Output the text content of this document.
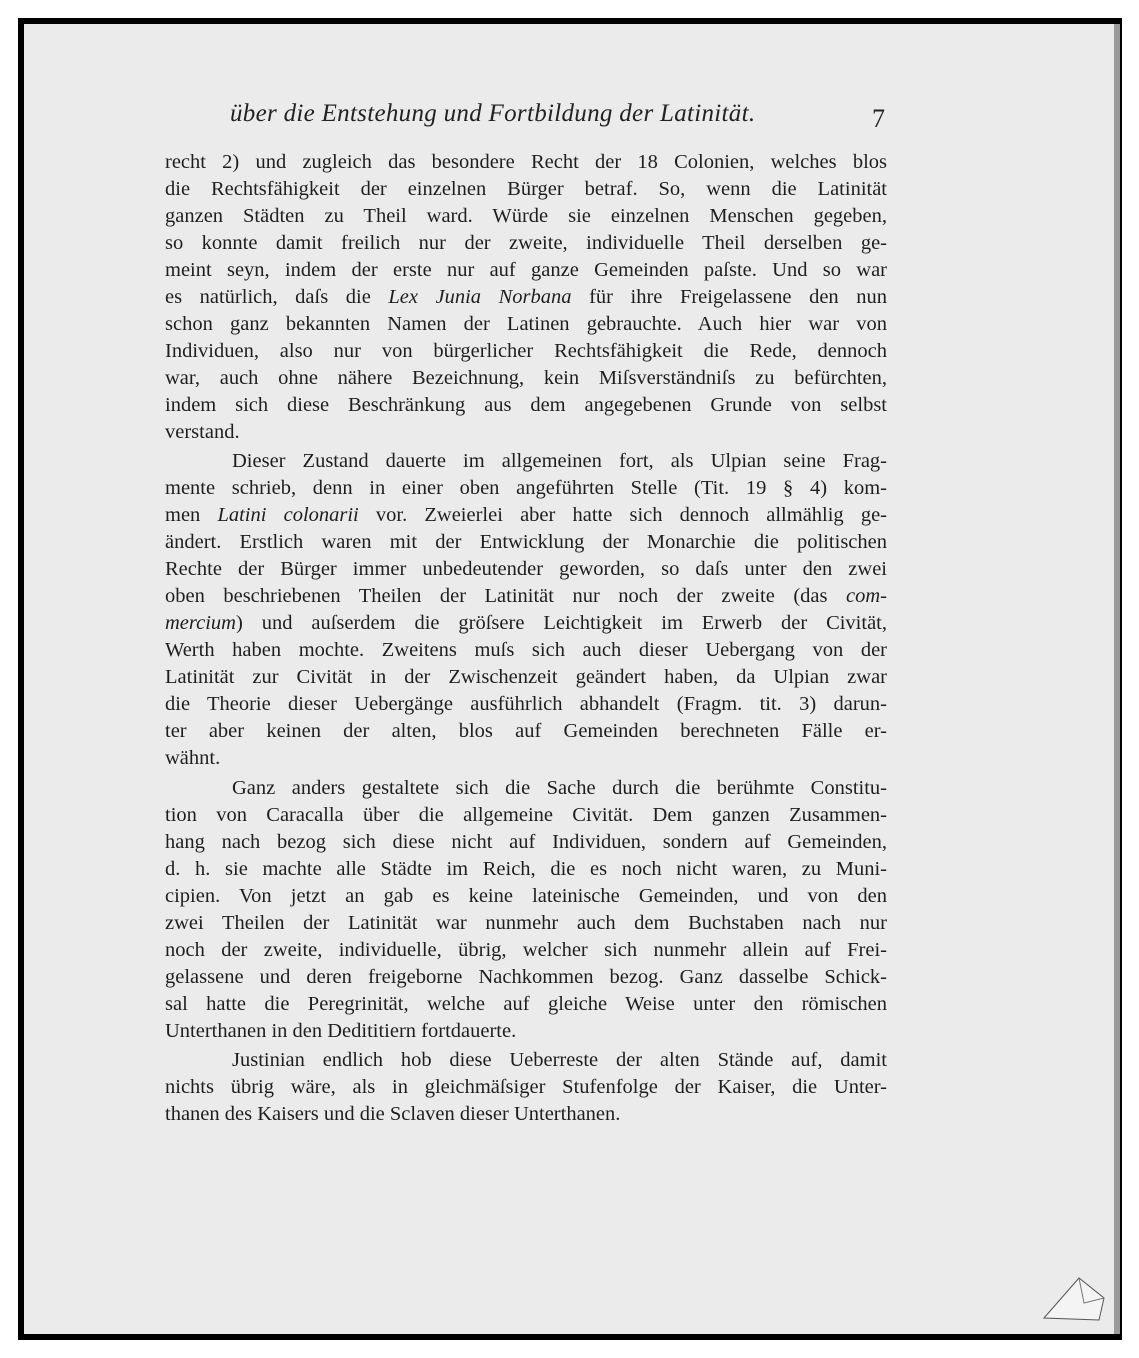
über die Entstehung und Fortbildung der Latinität.	7
recht 2) und zugleich das besondere Recht der 18 Colonien, welches blos
die Rechtsfähigkeit der einzelnen Bürger betraf. So, wenn die Latinität
ganzen Städten zu Theil ward. Würde sie einzelnen Menschen gegeben,
so konnte damit freilich nur der zweite, individuelle Theil derselben ge-
meint seyn, indem der erste nur auf ganze Gemeinden paſste. Und so war
es natürlich, daſs die Lex Junia Norbana für ihre Freigelassene den nun
schon ganz bekannten Namen der Latinen gebrauchte. Auch hier war von
Individuen, also nur von bürgerlicher Rechtsfähigkeit die Rede, dennoch
war, auch ohne nähere Bezeichnung, kein Miſsverständniſs zu befürchten,
indem sich diese Beschränkung aus dem angegebenen Grunde von selbst
verstand.
Dieser Zustand dauerte im allgemeinen fort, als Ulpian seine Frag-
mente schrieb, denn in einer oben angeführten Stelle (Tit. 19 § 4) kom-
men Latini colonarii vor. Zweierlei aber hatte sich dennoch allmählig ge-
ändert. Erstlich waren mit der Entwicklung der Monarchie die politischen
Rechte der Bürger immer unbedeutender geworden, so daſs unter den zwei
oben beschriebenen Theilen der Latinität nur noch der zweite (das com-
mercium) und auſserdem die gröſsere Leichtigkeit im Erwerb der Civität,
Werth haben mochte. Zweitens muſs sich auch dieser Uebergang von der
Latinität zur Civität in der Zwischenzeit geändert haben, da Ulpian zwar
die Theorie dieser Uebergänge ausführlich abhandelt (Fragm. tit. 3) darun-
ter aber keinen der alten, blos auf Gemeinden berechneten Fälle er-
wähnt.
Ganz anders gestaltete sich die Sache durch die berühmte Constitu-
tion von Caracalla über die allgemeine Civität. Dem ganzen Zusammen-
hang nach bezog sich diese nicht auf Individuen, sondern auf Gemeinden,
d. h. sie machte alle Städte im Reich, die es noch nicht waren, zu Muni-
cipien. Von jetzt an gab es keine lateinische Gemeinden, und von den
zwei Theilen der Latinität war nunmehr auch dem Buchstaben nach nur
noch der zweite, individuelle, übrig, welcher sich nunmehr allein auf Frei-
gelassene und deren freigeborne Nachkommen bezog. Ganz dasselbe Schick-
sal hatte die Peregrinität, welche auf gleiche Weise unter den römischen
Unterthanen in den Dedititiern fortdauerte.
Justinian endlich hob diese Ueberreste der alten Stände auf, damit
nichts übrig wäre, als in gleichmäſsiger Stufenfolge der Kaiser, die Unter-
thanen des Kaisers und die Sclaven dieser Unterthanen.
